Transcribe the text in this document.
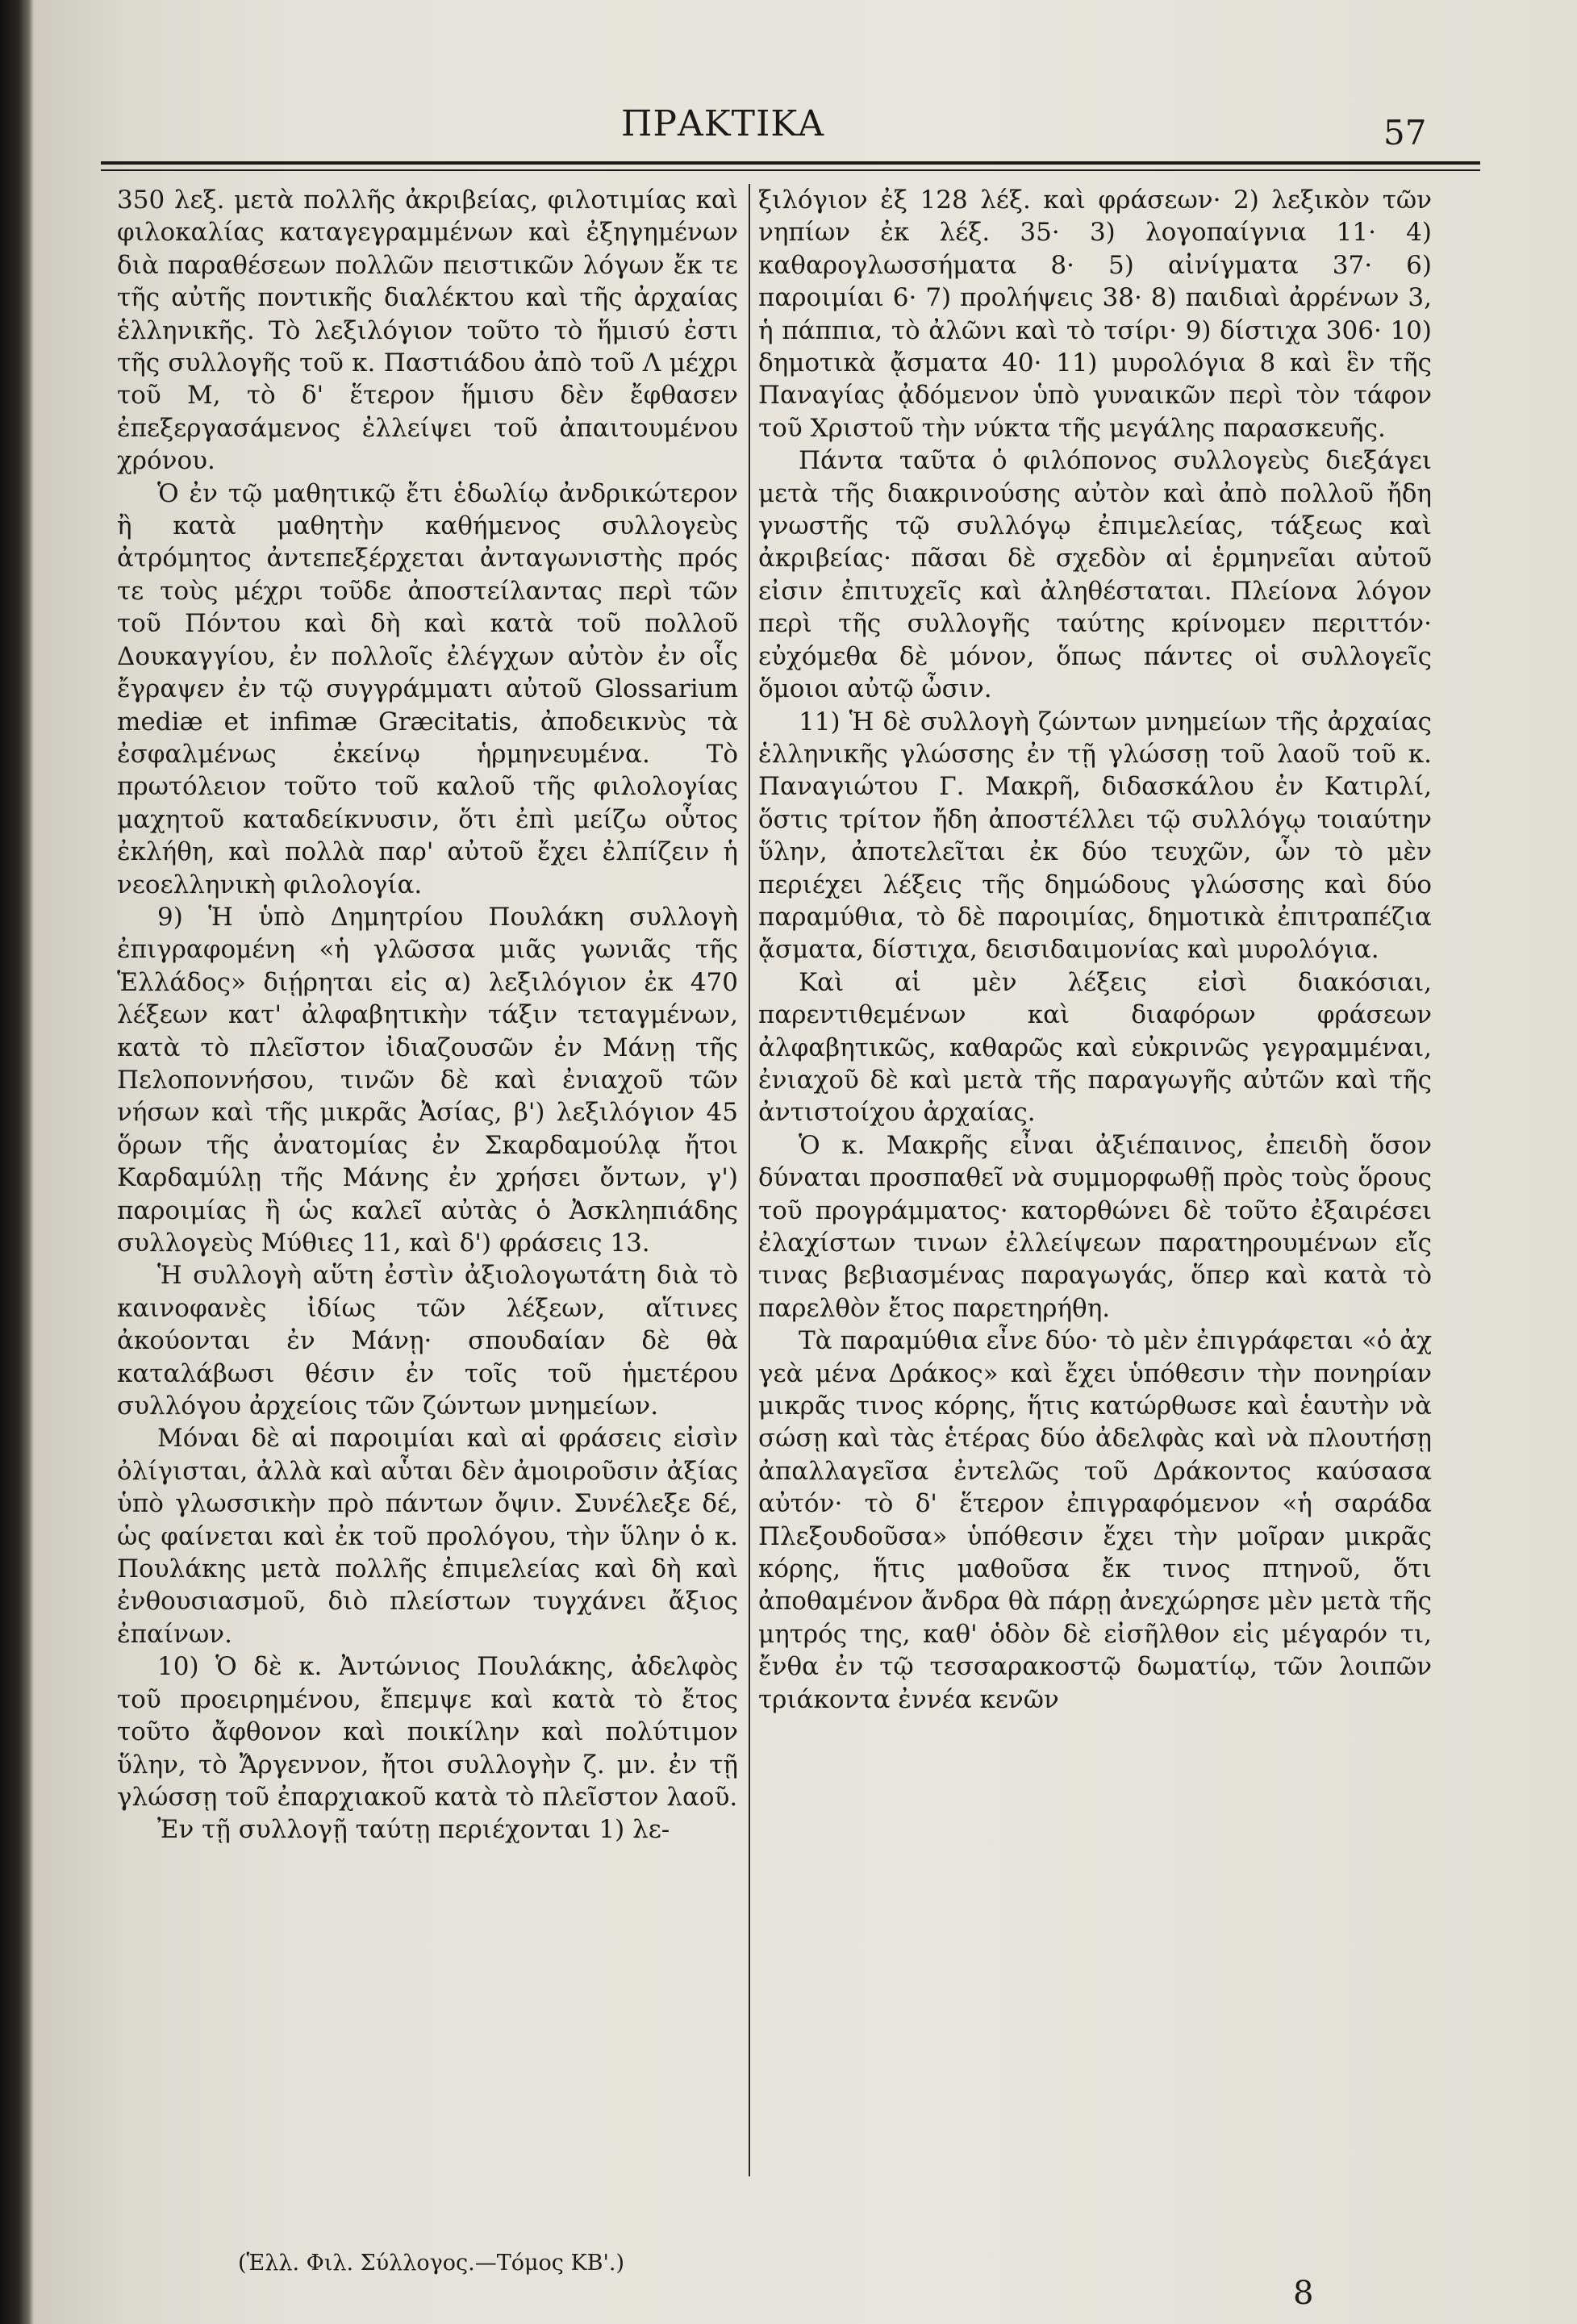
ΠΡΑΚΤΙΚΑ	57

350 λεξ. μετὰ πολλῆς ἀκριβείας, φιλοτιμίας καὶ φιλοκαλίας καταγεγραμμένων καὶ ἐξηγημένων διὰ παραθέσεων πολλῶν πειστικῶν λόγων ἔκ τε τῆς αὐτῆς ποντικῆς διαλέκτου καὶ τῆς ἀρχαίας ἑλληνικῆς. Τὸ λεξιλόγιον τοῦτο τὸ ἥμισύ ἐστι τῆς συλλογῆς τοῦ κ. Παστιάδου ἀπὸ τοῦ Λ μέχρι τοῦ Μ, τὸ δ' ἕτερον ἥμισυ δὲν ἔφθασεν ἐπεξεργασάμενος ἐλλείψει τοῦ ἀπαιτουμένου χρόνου.

Ὁ ἐν τῷ μαθητικῷ ἔτι ἑδωλίῳ ἀνδρικώτερον ἢ κατὰ μαθητὴν καθήμενος συλλογεὺς ἀτρόμητος ἀντεπεξέρχεται ἀνταγωνιστὴς πρός τε τοὺς μέχρι τοῦδε ἀποστείλαντας περὶ τῶν τοῦ Πόντου καὶ δὴ καὶ κατὰ τοῦ πολλοῦ Δουκαγγίου, ἐν πολλοῖς ἐλέγχων αὐτὸν ἐν οἷς ἔγραψεν ἐν τῷ συγγράμματι αὐτοῦ Glossarium mediæ et infimæ Græcitatis, ἀποδεικνὺς τὰ ἐσφαλμένως ἐκείνῳ ἡρμηνευμένα. Τὸ πρωτόλειον τοῦτο τοῦ καλοῦ τῆς φιλολογίας μαχητοῦ καταδείκνυσιν, ὅτι ἐπὶ μείζω οὗτος ἐκλήθη, καὶ πολλὰ παρ' αὐτοῦ ἔχει ἐλπίζειν ἡ νεοελληνικὴ φιλολογία.

9) Ἡ ὑπὸ Δημητρίου Πουλάκη συλλογὴ ἐπιγραφομένη «ἡ γλῶσσα μιᾶς γωνιᾶς τῆς Ἑλλάδος» διῄρηται εἰς α) λεξιλόγιον ἐκ 470 λέξεων κατ' ἀλφαβητικὴν τάξιν τεταγμένων, κατὰ τὸ πλεῖστον ἰδιαζουσῶν ἐν Μάνῃ τῆς Πελοποννήσου, τινῶν δὲ καὶ ἐνιαχοῦ τῶν νήσων καὶ τῆς μικρᾶς Ἀσίας, β') λεξιλόγιον 45 ὅρων τῆς ἀνατομίας ἐν Σκαρδαμούλᾳ ἤτοι Καρδαμύλῃ τῆς Μάνης ἐν χρήσει ὄντων, γ') παροιμίας ἢ ὡς καλεῖ αὐτὰς ὁ Ἀσκληπιάδης συλλογεὺς Μύθιες 11, καὶ δ') φράσεις 13.

Ἡ συλλογὴ αὕτη ἐστὶν ἀξιολογωτάτη διὰ τὸ καινοφανὲς ἰδίως τῶν λέξεων, αἵτινες ἀκούονται ἐν Μάνῃ· σπουδαίαν δὲ θὰ καταλάβωσι θέσιν ἐν τοῖς τοῦ ἡμετέρου συλλόγου ἀρχείοις τῶν ζώντων μνημείων.

Μόναι δὲ αἱ παροιμίαι καὶ αἱ φράσεις εἰσὶν ὀλίγισται, ἀλλὰ καὶ αὗται δὲν ἀμοιροῦσιν ἀξίας ὑπὸ γλωσσικὴν πρὸ πάντων ὄψιν. Συνέλεξε δέ, ὡς φαίνεται καὶ ἐκ τοῦ προλόγου, τὴν ὕλην ὁ κ. Πουλάκης μετὰ πολλῆς ἐπιμελείας καὶ δὴ καὶ ἐνθουσιασμοῦ, διὸ πλείστων τυγχάνει ἄξιος ἐπαίνων.

10) Ὁ δὲ κ. Ἀντώνιος Πουλάκης, ἀδελφὸς τοῦ προειρημένου, ἔπεμψε καὶ κατὰ τὸ ἔτος τοῦτο ἄφθονον καὶ ποικίλην καὶ πολύτιμον ὕλην, τὸ Ἄργεννον, ἤτοι συλλογὴν ζ. μν. ἐν τῇ γλώσσῃ τοῦ ἐπαρχιακοῦ κατὰ τὸ πλεῖστον λαοῦ.

Ἐν τῇ συλλογῇ ταύτῃ περιέχονται 1) λε-

ξιλόγιον ἐξ 128 λέξ. καὶ φράσεων· 2) λεξικὸν τῶν νηπίων ἐκ λέξ. 35· 3) λογοπαίγνια 11· 4) καθαρογλωσσήματα 8· 5) αἰνίγματα 37· 6) παροιμίαι 6· 7) προλήψεις 38· 8) παιδιαὶ ἀρρένων 3, ἡ πάππια, τὸ ἀλῶνι καὶ τὸ τσίρι· 9) δίστιχα 306· 10) δημοτικὰ ᾄσματα 40· 11) μυρολόγια 8 καὶ ἓν τῆς Παναγίας ᾀδόμενον ὑπὸ γυναικῶν περὶ τὸν τάφον τοῦ Χριστοῦ τὴν νύκτα τῆς μεγάλης παρασκευῆς.

Πάντα ταῦτα ὁ φιλόπονος συλλογεὺς διεξάγει μετὰ τῆς διακρινούσης αὐτὸν καὶ ἀπὸ πολλοῦ ἤδη γνωστῆς τῷ συλλόγῳ ἐπιμελείας, τάξεως καὶ ἀκριβείας· πᾶσαι δὲ σχεδὸν αἱ ἑρμηνεῖαι αὐτοῦ εἰσιν ἐπιτυχεῖς καὶ ἀληθέσταται. Πλείονα λόγον περὶ τῆς συλλογῆς ταύτης κρίνομεν περιττόν· εὐχόμεθα δὲ μόνον, ὅπως πάντες οἱ συλλογεῖς ὅμοιοι αὐτῷ ὦσιν.

11) Ἡ δὲ συλλογὴ ζώντων μνημείων τῆς ἀρχαίας ἑλληνικῆς γλώσσης ἐν τῇ γλώσσῃ τοῦ λαοῦ τοῦ κ. Παναγιώτου Γ. Μακρῆ, διδασκάλου ἐν Κατιρλί, ὅστις τρίτον ἤδη ἀποστέλλει τῷ συλλόγῳ τοιαύτην ὕλην, ἀποτελεῖται ἐκ δύο τευχῶν, ὧν τὸ μὲν περιέχει λέξεις τῆς δημώδους γλώσσης καὶ δύο παραμύθια, τὸ δὲ παροιμίας, δημοτικὰ ἐπιτραπέζια ᾄσματα, δίστιχα, δεισιδαιμονίας καὶ μυρολόγια.

Καὶ αἱ μὲν λέξεις εἰσὶ διακόσιαι, παρεντιθεμένων καὶ διαφόρων φράσεων ἀλφαβητικῶς, καθαρῶς καὶ εὐκρινῶς γεγραμμέναι, ἐνιαχοῦ δὲ καὶ μετὰ τῆς παραγωγῆς αὐτῶν καὶ τῆς ἀντιστοίχου ἀρχαίας.

Ὁ κ. Μακρῆς εἶναι ἀξιέπαινος, ἐπειδὴ ὅσον δύναται προσπαθεῖ νὰ συμμορφωθῇ πρὸς τοὺς ὅρους τοῦ προγράμματος· κατορθώνει δὲ τοῦτο ἐξαιρέσει ἐλαχίστων τινων ἐλλείψεων παρατηρουμένων εἴς τινας βεβιασμένας παραγωγάς, ὅπερ καὶ κατὰ τὸ παρελθὸν ἔτος παρετηρήθη.

Τὰ παραμύθια εἶνε δύο· τὸ μὲν ἐπιγράφεται «ὁ ἀχ γεὰ μένα Δράκος» καὶ ἔχει ὑπόθεσιν τὴν πονηρίαν μικρᾶς τινος κόρης, ἥτις κατώρθωσε καὶ ἑαυτὴν νὰ σώσῃ καὶ τὰς ἑτέρας δύο ἀδελφὰς καὶ νὰ πλουτήσῃ ἀπαλλαγεῖσα ἐντελῶς τοῦ Δράκοντος καύσασα αὐτόν· τὸ δ' ἕτερον ἐπιγραφόμενον «ἡ σαράδα Πλεξουδοῦσα» ὑπόθεσιν ἔχει τὴν μοῖραν μικρᾶς κόρης, ἥτις μαθοῦσα ἔκ τινος πτηνοῦ, ὅτι ἀποθαμένον ἄνδρα θὰ πάρῃ ἀνεχώρησε μὲν μετὰ τῆς μητρός της, καθ' ὁδὸν δὲ εἰσῆλθον εἰς μέγαρόν τι, ἔνθα ἐν τῷ τεσσαρακοστῷ δωματίῳ, τῶν λοιπῶν τριάκοντα ἐννέα κενῶν

(Ἑλλ. Φιλ. Σύλλογος.—Τόμος ΚΒ'.)
8
